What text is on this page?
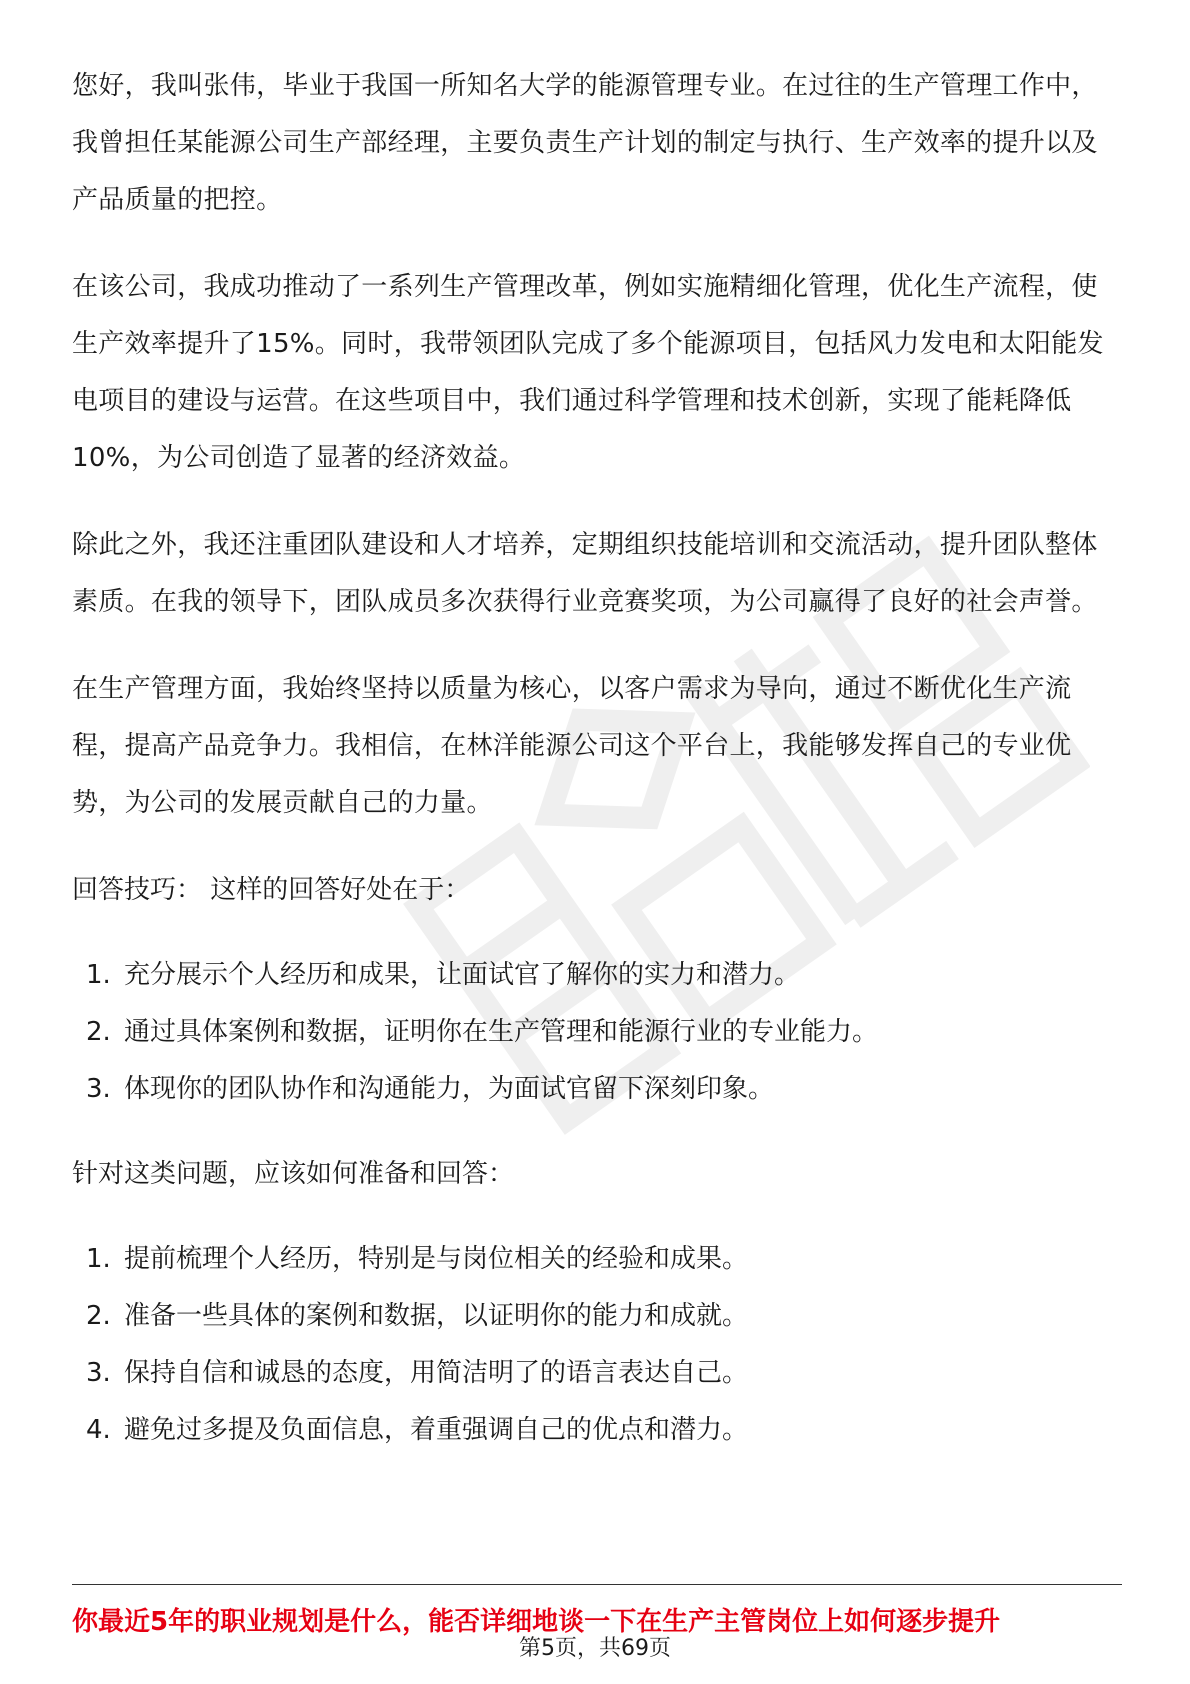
您好，我叫张伟，毕业于我国一所知名大学的能源管理专业。在过往的生产管理工作中，我曾担任某能源公司生产部经理，主要负责生产计划的制定与执行、生产效率的提升以及产品质量的把控。

在该公司，我成功推动了一系列生产管理改革，例如实施精细化管理，优化生产流程，使生产效率提升了15%。同时，我带领团队完成了多个能源项目，包括风力发电和太阳能发电项目的建设与运营。在这些项目中，我们通过科学管理和技术创新，实现了能耗降低10%，为公司创造了显著的经济效益。

除此之外，我还注重团队建设和人才培养，定期组织技能培训和交流活动，提升团队整体素质。在我的领导下，团队成员多次获得行业竞赛奖项，为公司赢得了良好的社会声誉。

在生产管理方面，我始终坚持以质量为核心，以客户需求为导向，通过不断优化生产流程，提高产品竞争力。我相信，在林洋能源公司这个平台上，我能够发挥自己的专业优势，为公司的发展贡献自己的力量。

回答技巧： 这样的回答好处在于：
1. 充分展示个人经历和成果，让面试官了解你的实力和潜力。
2. 通过具体案例和数据，证明你在生产管理和能源行业的专业能力。
3. 体现你的团队协作和沟通能力，为面试官留下深刻印象。
针对这类问题，应该如何准备和回答：
1. 提前梳理个人经历，特别是与岗位相关的经验和成果。
2. 准备一些具体的案例和数据，以证明你的能力和成就。
3. 保持自信和诚恳的态度，用简洁明了的语言表达自己。
4. 避免过多提及负面信息，着重强调自己的优点和潜力。
你最近5年的职业规划是什么，能否详细地谈一下在生产主管岗位上如何逐步提升
第5页，共69页
